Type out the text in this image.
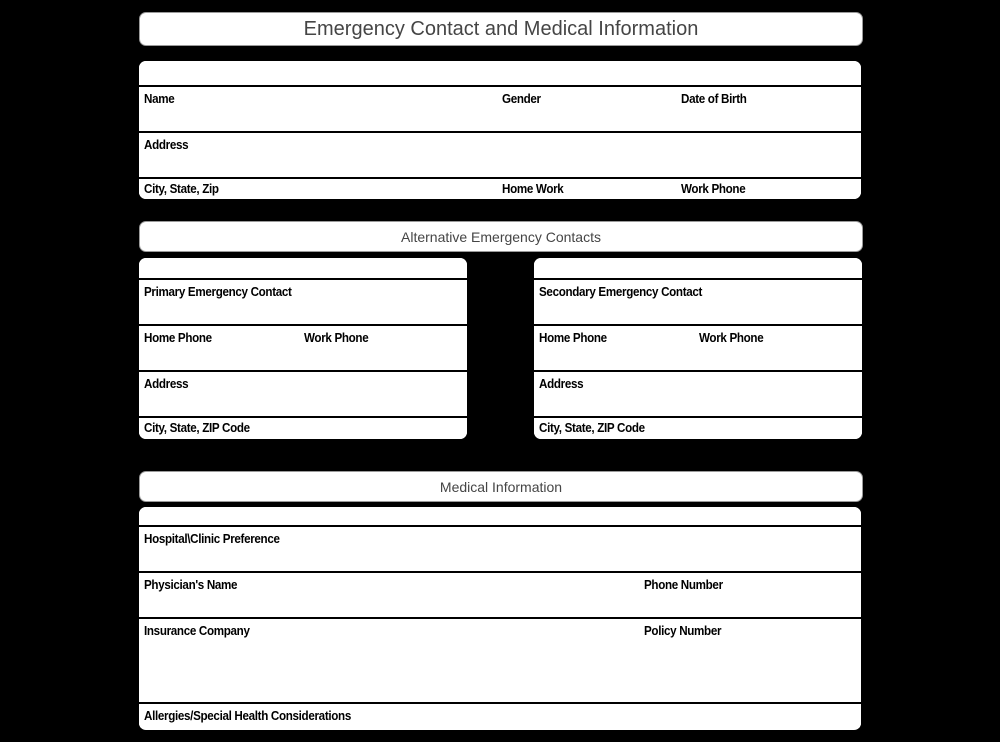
Emergency Contact and Medical Information
Name	Gender	Date of Birth
Address
City, State, Zip	Home Work	Work Phone
Alternative Emergency Contacts
Primary Emergency Contact
Home Phone	Work Phone
Address
City, State, ZIP Code
Secondary Emergency Contact
Home Phone	Work Phone
Address
City, State, ZIP Code
Medical Information
Hospital\Clinic Preference
Physician's Name	Phone Number
Insurance Company	Policy Number
Allergies/Special Health Considerations
